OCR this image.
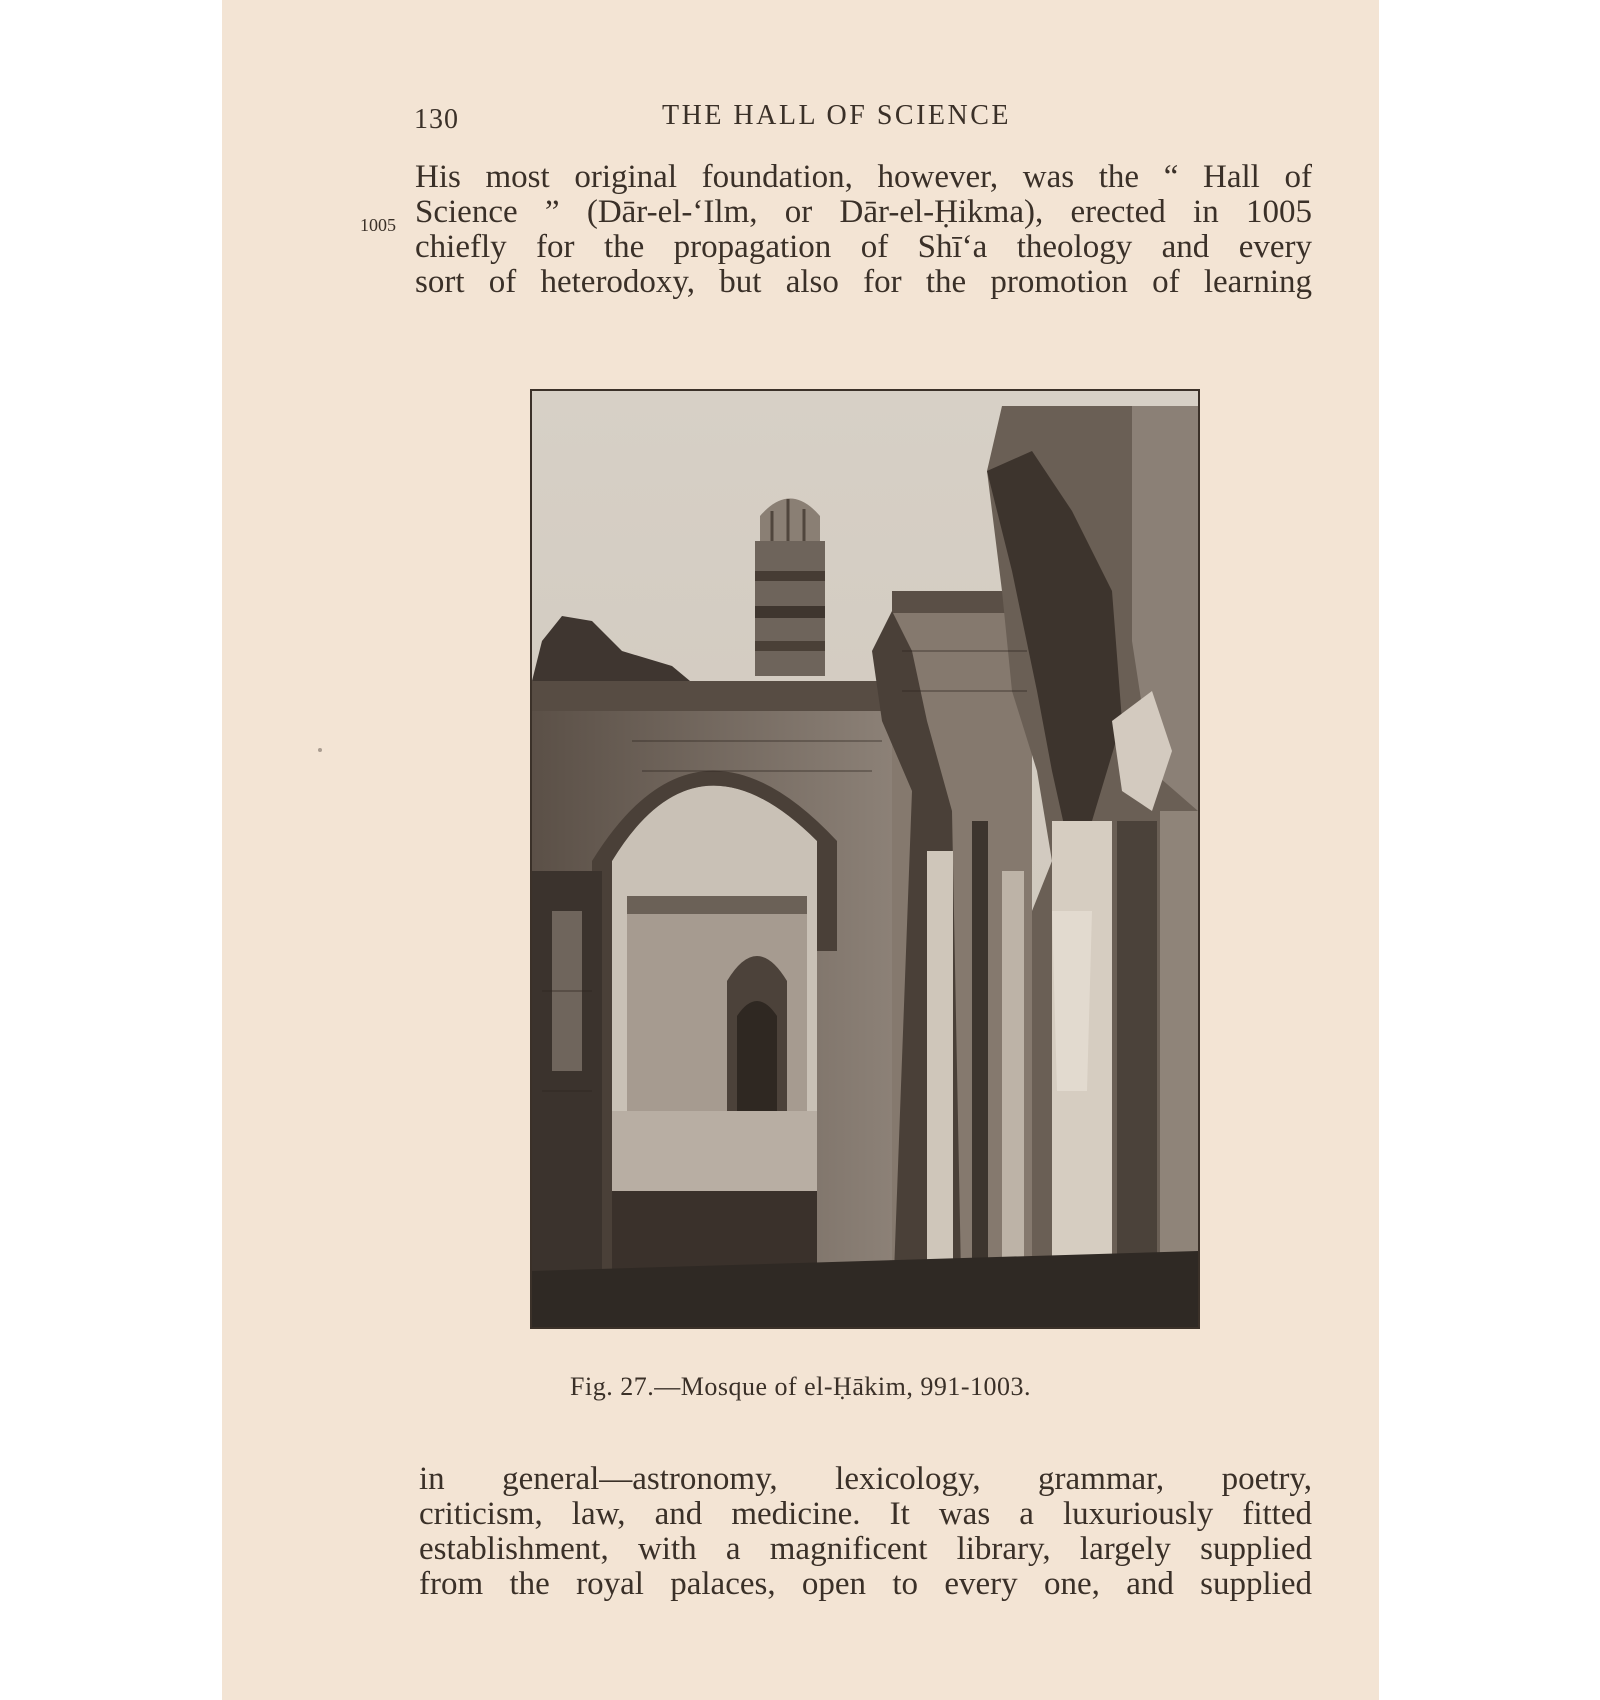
130	THE HALL OF SCIENCE
1005
His most original foundation, however, was the “ Hall of
Science ” (Dār-el-‘Ilm, or Dār-el-Ḥikma), erected in 1005
chiefly for the propagation of Shī‘a theology and every
sort of heterodoxy, but also for the promotion of learning
Fig. 27.—Mosque of el-Ḥākim, 991-1003.
in general—astronomy, lexicology, grammar, poetry,
criticism, law, and medicine. It was a luxuriously fitted
establishment, with a magnificent library, largely supplied
from the royal palaces, open to every one, and supplied
